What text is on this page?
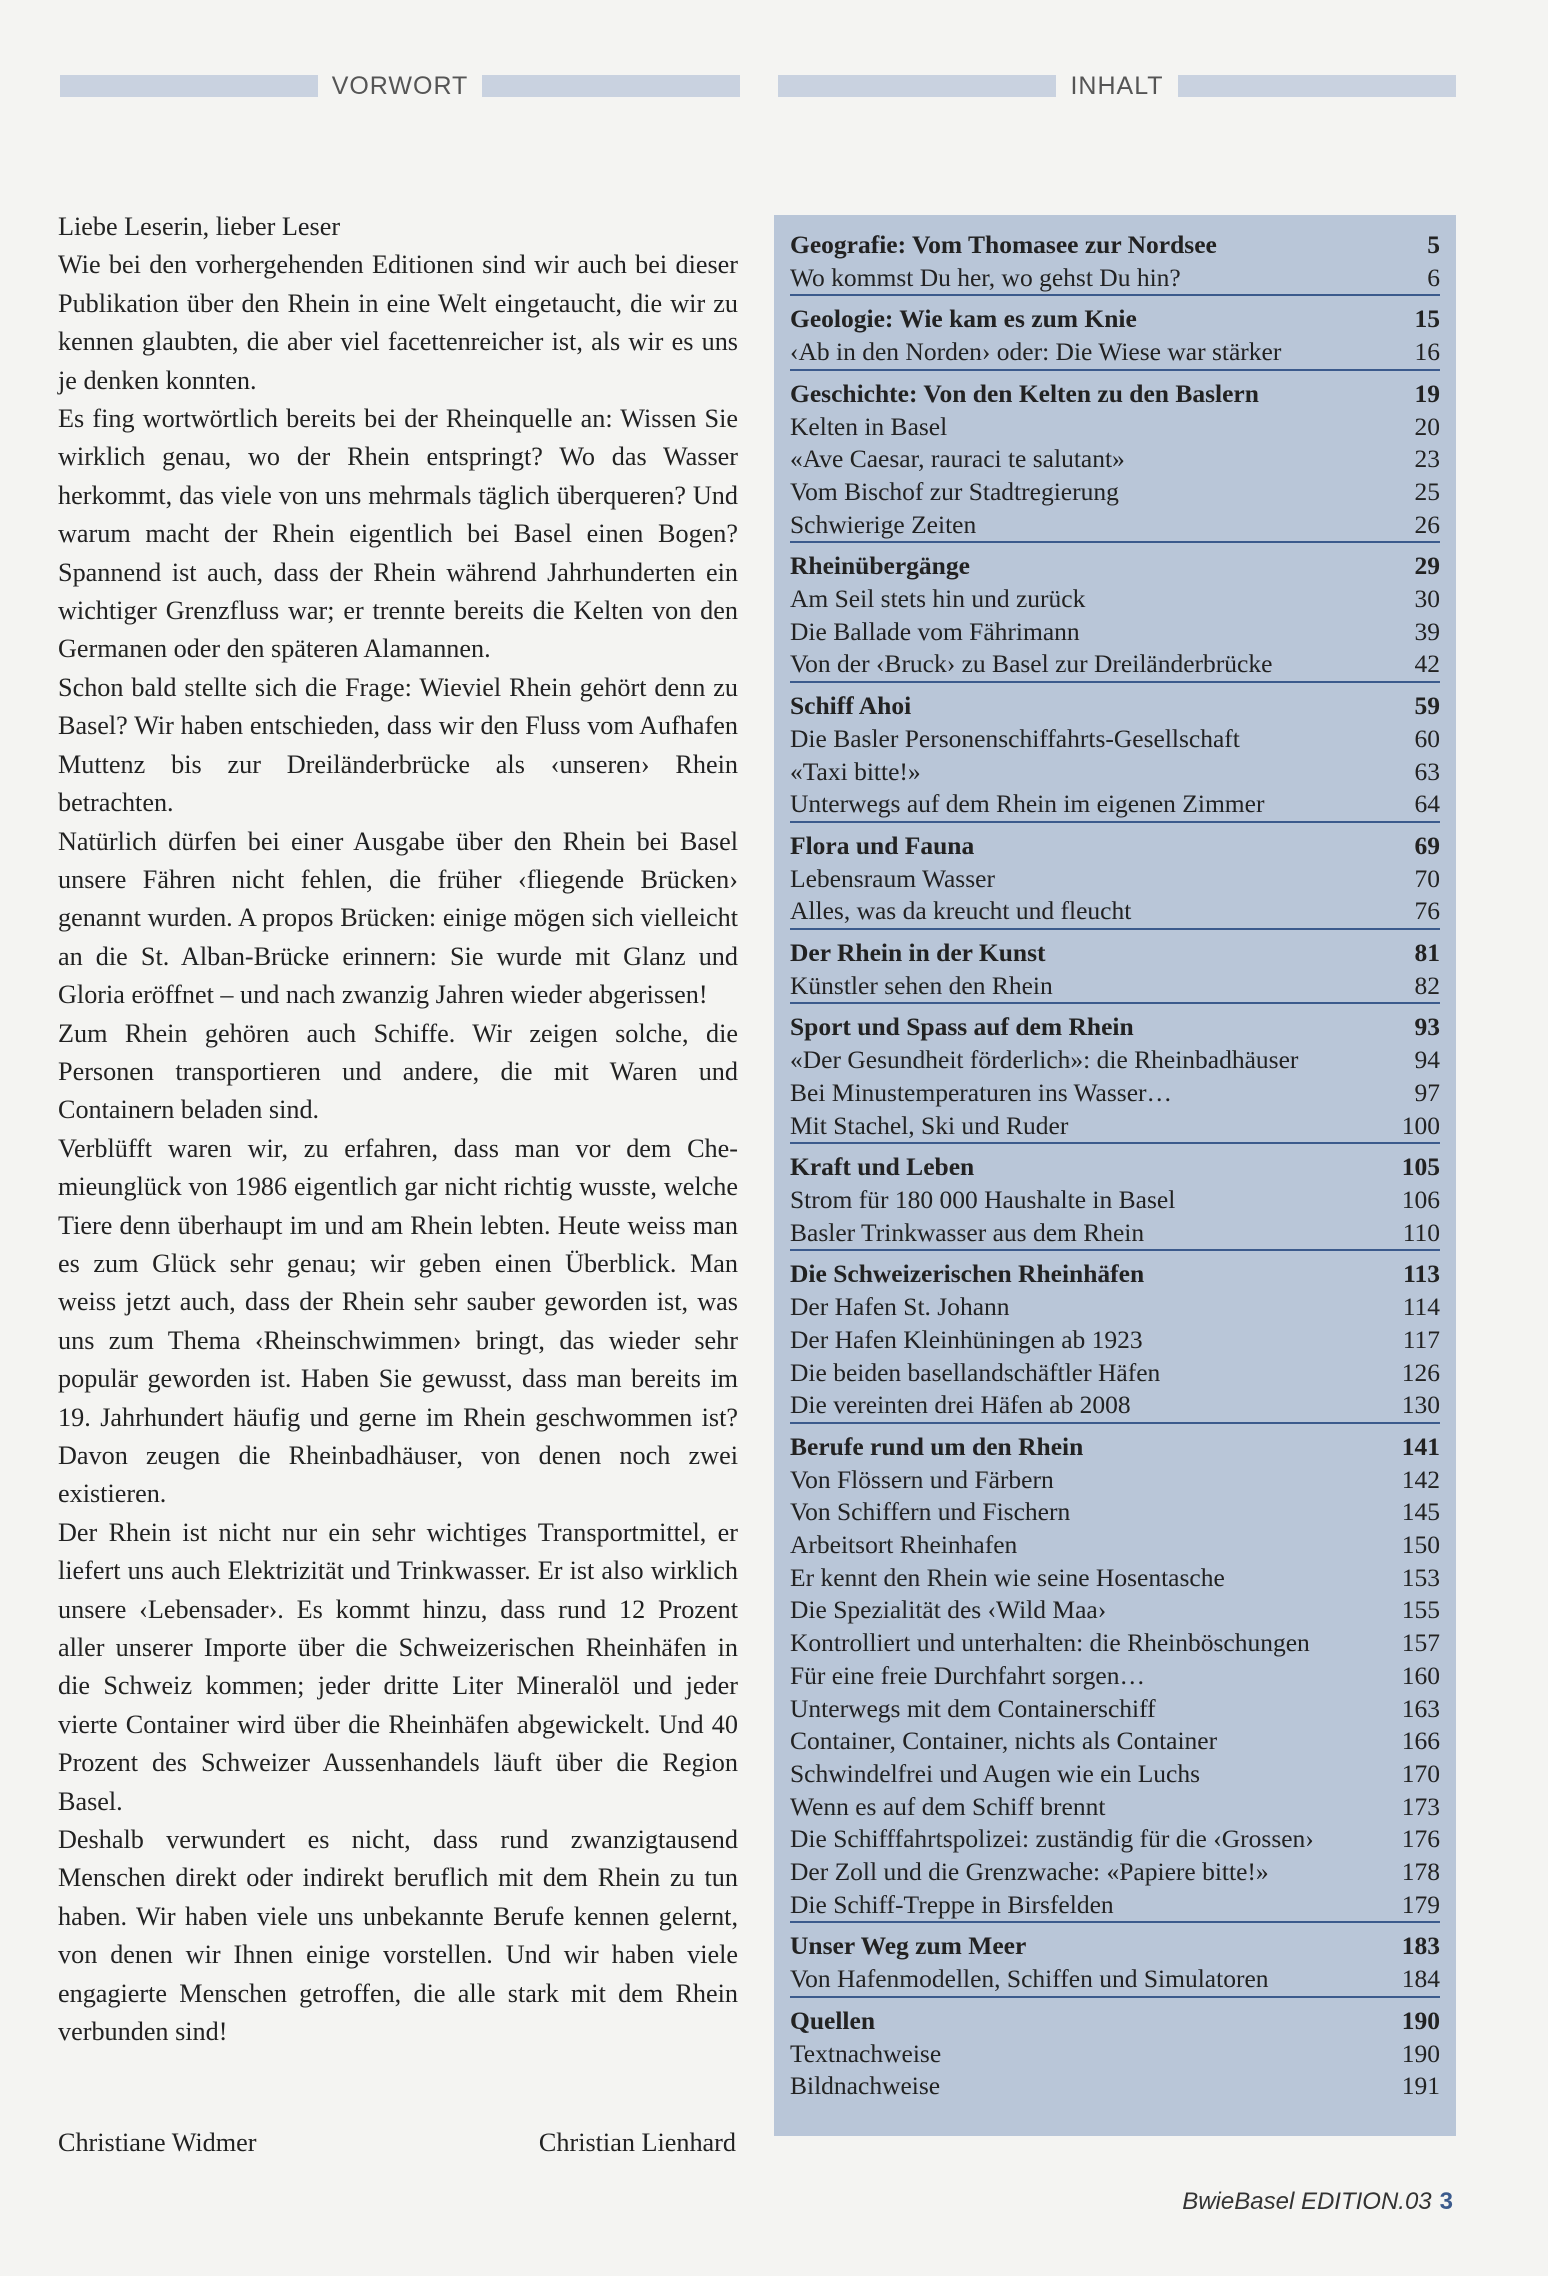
VORWORT	INHALT

Liebe Leserin, lieber Leser

Wie bei den vorhergehenden Editionen sind wir auch bei dieser Publikation über den Rhein in eine Welt eingetaucht, die wir zu kennen glaubten, die aber viel facettenreicher ist, als wir es uns je denken konnten.

Es fing wortwörtlich bereits bei der Rheinquelle an: Wissen Sie wirklich genau, wo der Rhein entspringt? Wo das Wasser herkommt, das viele von uns mehrmals täglich überqueren? Und warum macht der Rhein eigentlich bei Basel einen Bogen? Spannend ist auch, dass der Rhein während Jahrhunderten ein wichtiger Grenzfluss war; er trennte bereits die Kelten von den Germanen oder den späteren Alamannen.

Schon bald stellte sich die Frage: Wieviel Rhein gehört denn zu Basel? Wir haben entschieden, dass wir den Fluss vom Aufhafen Muttenz bis zur Dreiländerbrücke als ‹unseren› Rhein betrachten.

Natürlich dürfen bei einer Ausgabe über den Rhein bei Basel unsere Fähren nicht fehlen, die früher ‹fliegende Brücken› genannt wurden. A propos Brücken: einige mögen sich vielleicht an die St. Alban-Brücke erinnern: Sie wurde mit Glanz und Gloria eröffnet – und nach zwanzig Jahren wieder abgerissen!

Zum Rhein gehören auch Schiffe. Wir zeigen solche, die Personen transportieren und andere, die mit Waren und Containern beladen sind.

Verblüfft waren wir, zu erfahren, dass man vor dem Chemieunglück von 1986 eigentlich gar nicht richtig wusste, welche Tiere denn überhaupt im und am Rhein lebten. Heute weiss man es zum Glück sehr genau; wir geben einen Überblick. Man weiss jetzt auch, dass der Rhein sehr sauber geworden ist, was uns zum Thema ‹Rheinschwimmen› bringt, das wieder sehr populär geworden ist. Haben Sie gewusst, dass man bereits im 19. Jahrhundert häufig und gerne im Rhein geschwommen ist? Davon zeugen die Rheinbadhäuser, von denen noch zwei existieren.

Der Rhein ist nicht nur ein sehr wichtiges Transportmittel, er liefert uns auch Elektrizität und Trinkwasser. Er ist also wirklich unsere ‹Lebensader›. Es kommt hinzu, dass rund 12 Prozent aller unserer Importe über die Schweizerischen Rheinhäfen in die Schweiz kommen; jeder dritte Liter Mineralöl und jeder vierte Container wird über die Rheinhäfen abgewickelt. Und 40 Prozent des Schweizer Aussenhandels läuft über die Region Basel.

Deshalb verwundert es nicht, dass rund zwanzigtausend Menschen direkt oder indirekt beruflich mit dem Rhein zu tun haben. Wir haben viele uns unbekannte Berufe kennen gelernt, von denen wir Ihnen einige vorstellen. Und wir haben viele engagierte Menschen getroffen, die alle stark mit dem Rhein verbunden sind!

Christiane Widmer	Christian Lienhard
Geografie: Vom Thomasee zur Nordsee	5
Wo kommst Du her, wo gehst Du hin?	6
Geologie: Wie kam es zum Knie	15
‹Ab in den Norden› oder: Die Wiese war stärker	16
Geschichte: Von den Kelten zu den Baslern	19
Kelten in Basel	20
«Ave Caesar, rauraci te salutant»	23
Vom Bischof zur Stadtregierung	25
Schwierige Zeiten	26
Rheinübergänge	29
Am Seil stets hin und zurück	30
Die Ballade vom Fährimann	39
Von der ‹Bruck› zu Basel zur Dreiländerbrücke	42
Schiff Ahoi	59
Die Basler Personenschiffahrts-Gesellschaft	60
«Taxi bitte!»	63
Unterwegs auf dem Rhein im eigenen Zimmer	64
Flora und Fauna	69
Lebensraum Wasser	70
Alles, was da kreucht und fleucht	76
Der Rhein in der Kunst	81
Künstler sehen den Rhein	82
Sport und Spass auf dem Rhein	93
«Der Gesundheit förderlich»: die Rheinbadhäuser	94
Bei Minustemperaturen ins Wasser…	97
Mit Stachel, Ski und Ruder	100
Kraft und Leben	105
Strom für 180 000 Haushalte in Basel	106
Basler Trinkwasser aus dem Rhein	110
Die Schweizerischen Rheinhäfen	113
Der Hafen St. Johann	114
Der Hafen Kleinhüningen ab 1923	117
Die beiden basellandschäftler Häfen	126
Die vereinten drei Häfen ab 2008	130
Berufe rund um den Rhein	141
Von Flössern und Färbern	142
Von Schiffern und Fischern	145
Arbeitsort Rheinhafen	150
Er kennt den Rhein wie seine Hosentasche	153
Die Spezialität des ‹Wild Maa›	155
Kontrolliert und unterhalten: die Rheinböschungen	157
Für eine freie Durchfahrt sorgen…	160
Unterwegs mit dem Containerschiff	163
Container, Container, nichts als Container	166
Schwindelfrei und Augen wie ein Luchs	170
Wenn es auf dem Schiff brennt	173
Die Schifffahrtspolizei: zuständig für die ‹Grossen›	176
Der Zoll und die Grenzwache: «Papiere bitte!»	178
Die Schiff-Treppe in Birsfelden	179
Unser Weg zum Meer	183
Von Hafenmodellen, Schiffen und Simulatoren	184
Quellen	190
Textnachweise	190
Bildnachweise	191
BwieBasel EDITION.03 3
